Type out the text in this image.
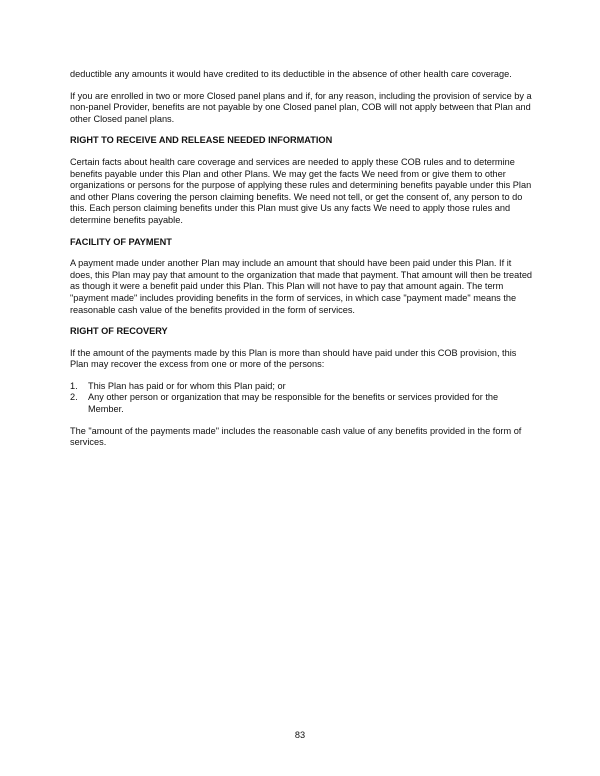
deductible any amounts it would have credited to its deductible in the absence of other health care coverage.

If you are enrolled in two or more Closed panel plans and if, for any reason, including the provision of service by a non-panel Provider, benefits are not payable by one Closed panel plan, COB will not apply between that Plan and other Closed panel plans.

RIGHT TO RECEIVE AND RELEASE NEEDED INFORMATION

Certain facts about health care coverage and services are needed to apply these COB rules and to determine benefits payable under this Plan and other Plans. We may get the facts We need from or give them to other organizations or persons for the purpose of applying these rules and determining benefits payable under this Plan and other Plans covering the person claiming benefits. We need not tell, or get the consent of, any person to do this. Each person claiming benefits under this Plan must give Us any facts We need to apply those rules and determine benefits payable.

FACILITY OF PAYMENT

A payment made under another Plan may include an amount that should have been paid under this Plan. If it does, this Plan may pay that amount to the organization that made that payment. That amount will then be treated as though it were a benefit paid under this Plan. This Plan will not have to pay that amount again. The term "payment made" includes providing benefits in the form of services, in which case "payment made" means the reasonable cash value of the benefits provided in the form of services.

RIGHT OF RECOVERY

If the amount of the payments made by this Plan is more than should have paid under this COB provision, this Plan may recover the excess from one or more of the persons:

1. This Plan has paid or for whom this Plan paid; or
2. Any other person or organization that may be responsible for the benefits or services provided for the Member.

The "amount of the payments made" includes the reasonable cash value of any benefits provided in the form of services.

83
